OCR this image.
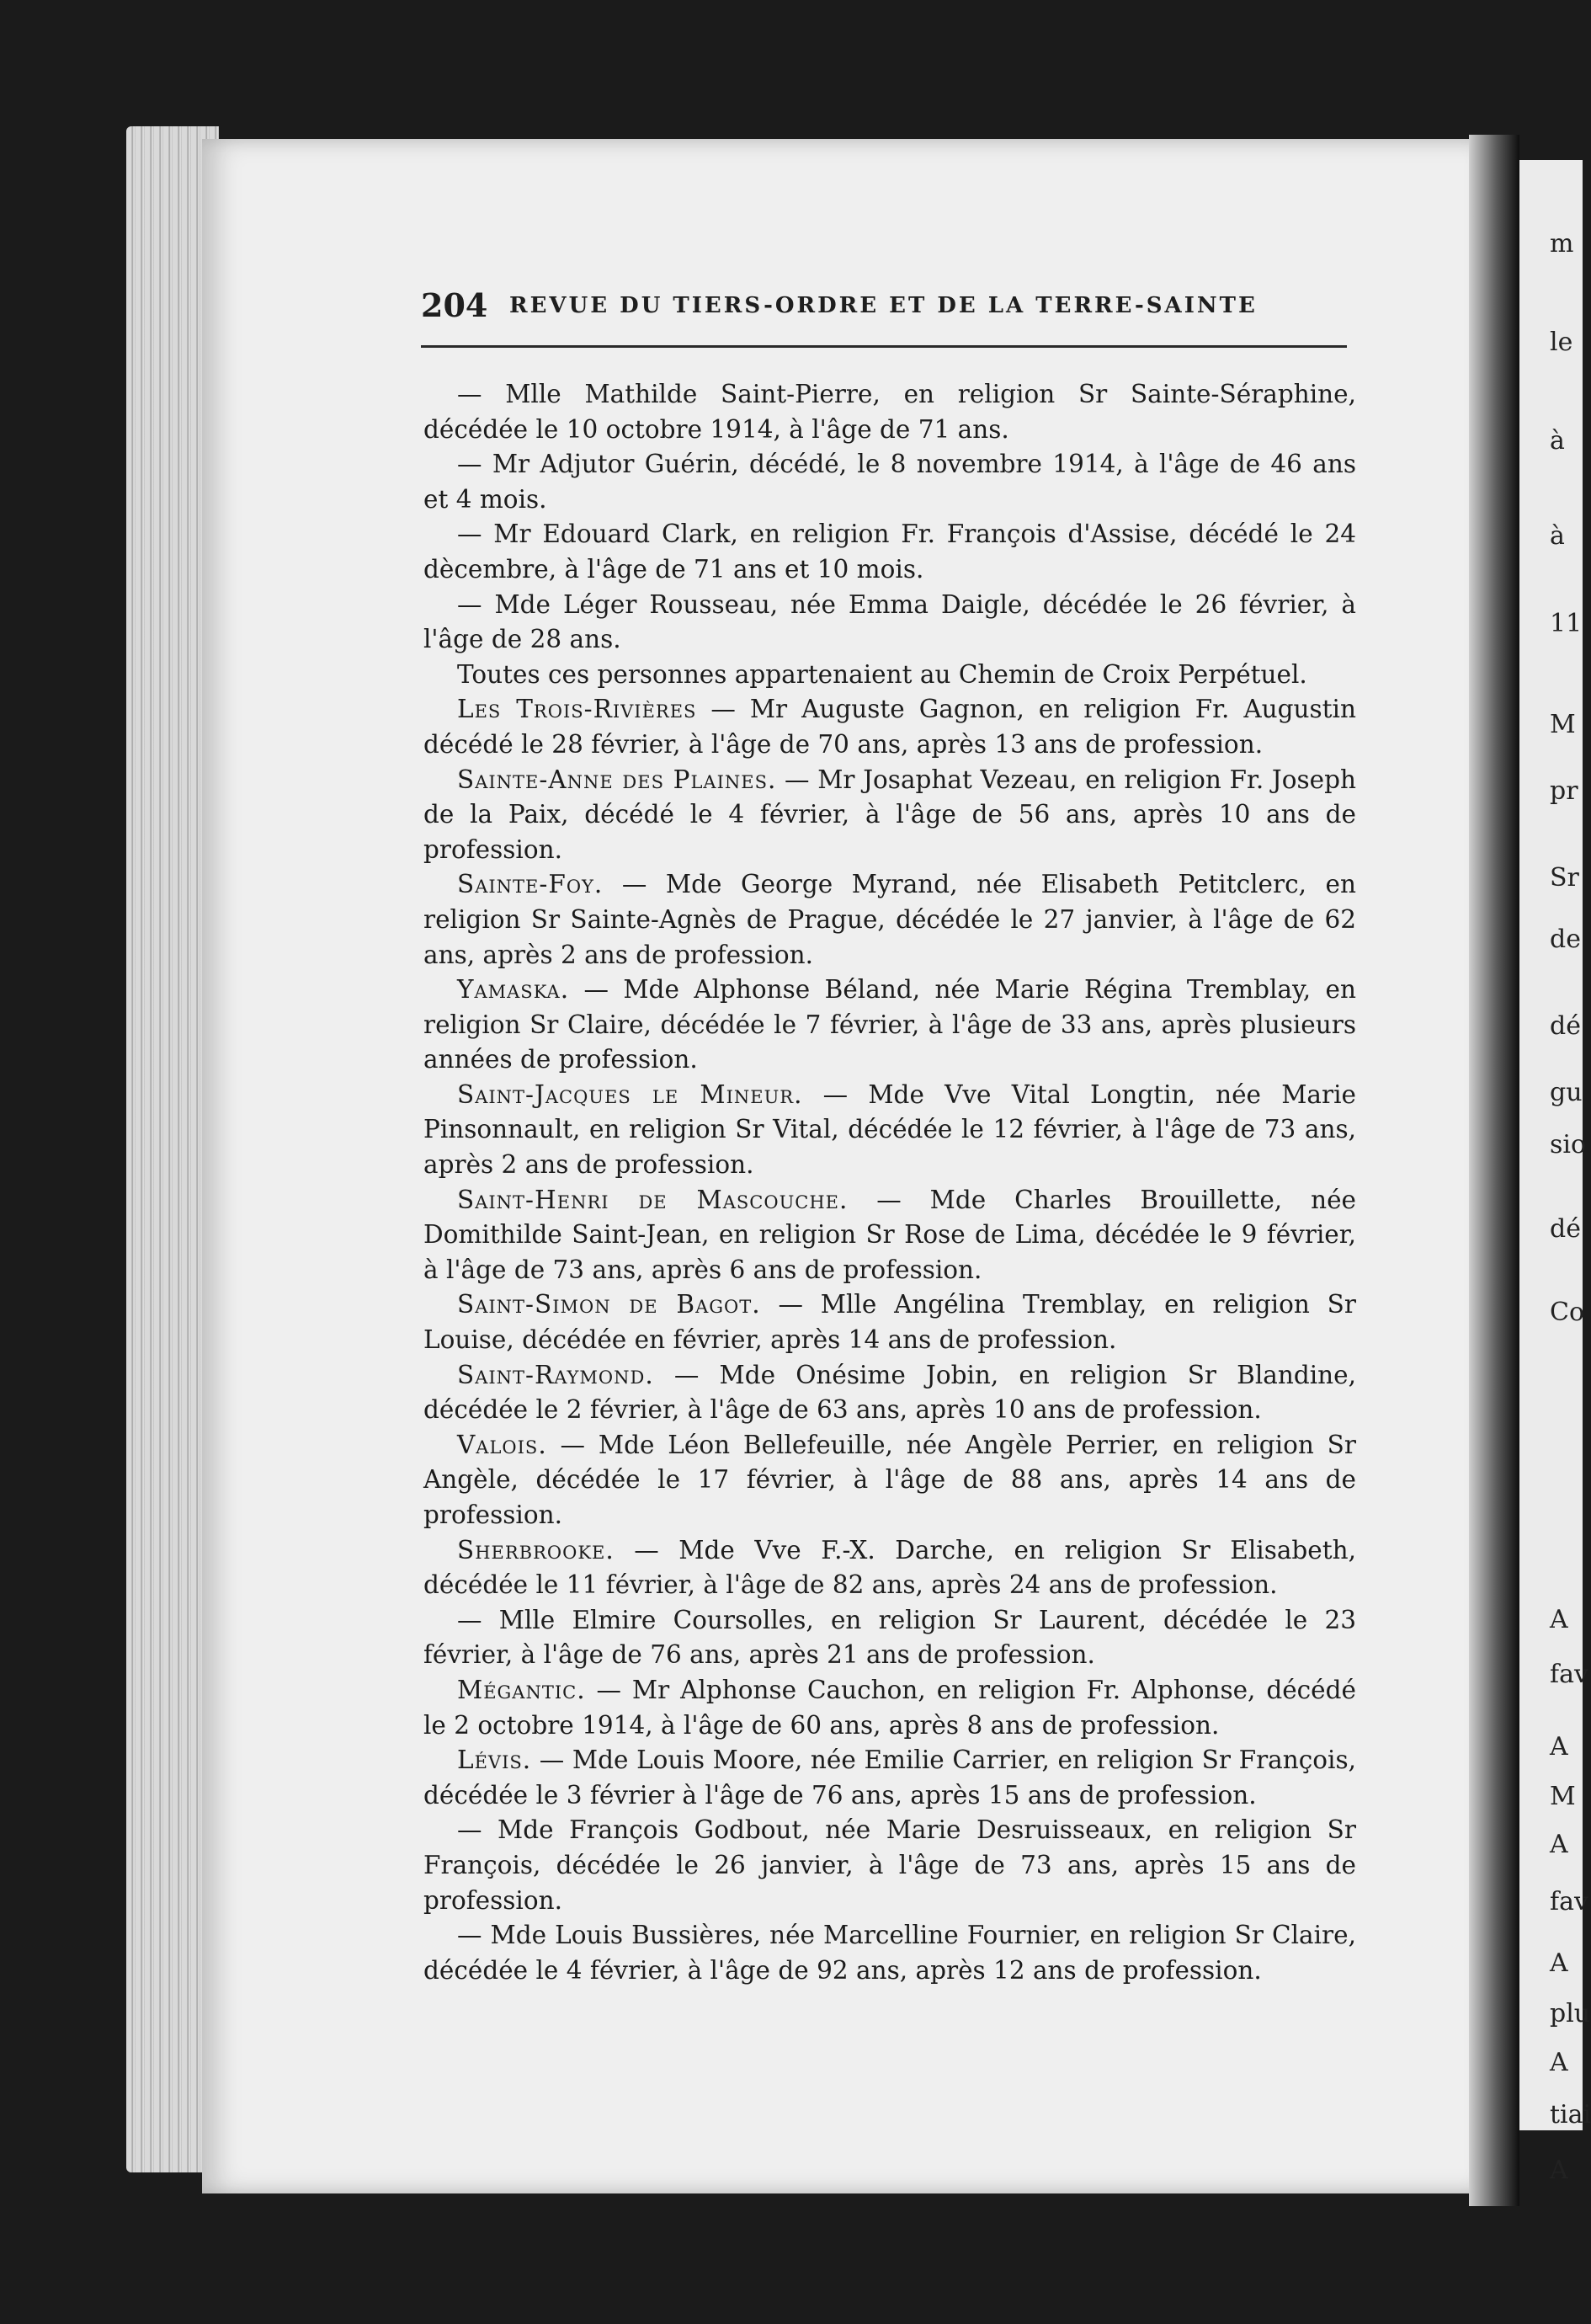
m
le
à
à
11
M
pr
Sr
de
dé
gu
sio
dé
Co
A
fav
A
M
A
fav
A
plu
A
tiai
A
204 REVUE DU TIERS-ORDRE ET DE LA TERRE-SAINTE

— Mlle Mathilde Saint-Pierre, en religion Sr Sainte-Séraphine, décédée le 10 octobre 1914, à l'âge de 71 ans.

— Mr Adjutor Guérin, décédé, le 8 novembre 1914, à l'âge de 46 ans et 4 mois.

— Mr Edouard Clark, en religion Fr. François d'Assise, décédé le 24 dècembre, à l'âge de 71 ans et 10 mois.

— Mde Léger Rousseau, née Emma Daigle, décédée le 26 février, à l'âge de 28 ans.

Toutes ces personnes appartenaient au Chemin de Croix Perpétuel.

Les Trois-Rivières — Mr Auguste Gagnon, en religion Fr. Augustin décédé le 28 février, à l'âge de 70 ans, après 13 ans de profession.

Sainte-Anne des Plaines. — Mr Josaphat Vezeau, en religion Fr. Joseph de la Paix, décédé le 4 février, à l'âge de 56 ans, après 10 ans de profession.

Sainte-Foy. — Mde George Myrand, née Elisabeth Petitclerc, en religion Sr Sainte-Agnès de Prague, décédée le 27 janvier, à l'âge de 62 ans, après 2 ans de profession.

Yamaska. — Mde Alphonse Béland, née Marie Régina Tremblay, en religion Sr Claire, décédée le 7 février, à l'âge de 33 ans, après plusieurs années de profession.

Saint-Jacques le Mineur. — Mde Vve Vital Longtin, née Marie Pinsonnault, en religion Sr Vital, décédée le 12 février, à l'âge de 73 ans, après 2 ans de profession.

Saint-Henri de Mascouche. — Mde Charles Brouillette, née Domithilde Saint-Jean, en religion Sr Rose de Lima, décédée le 9 février, à l'âge de 73 ans, après 6 ans de profession.

Saint-Simon de Bagot. — Mlle Angélina Tremblay, en religion Sr Louise, décédée en février, après 14 ans de profession.

Saint-Raymond. — Mde Onésime Jobin, en religion Sr Blandine, décédée le 2 février, à l'âge de 63 ans, après 10 ans de profession.

Valois. — Mde Léon Bellefeuille, née Angèle Perrier, en religion Sr Angèle, décédée le 17 février, à l'âge de 88 ans, après 14 ans de profession.

Sherbrooke. — Mde Vve F.-X. Darche, en religion Sr Elisabeth, décédée le 11 février, à l'âge de 82 ans, après 24 ans de profession.

— Mlle Elmire Coursolles, en religion Sr Laurent, décédée le 23 février, à l'âge de 76 ans, après 21 ans de profession.

Mégantic. — Mr Alphonse Cauchon, en religion Fr. Alphonse, décédé le 2 octobre 1914, à l'âge de 60 ans, après 8 ans de profession.

Lévis. — Mde Louis Moore, née Emilie Carrier, en religion Sr François, décédée le 3 février à l'âge de 76 ans, après 15 ans de profession.

— Mde François Godbout, née Marie Desruisseaux, en religion Sr François, décédée le 26 janvier, à l'âge de 73 ans, après 15 ans de profession.

— Mde Louis Bussières, née Marcelline Fournier, en religion Sr Claire, décédée le 4 février, à l'âge de 92 ans, après 12 ans de profession.
